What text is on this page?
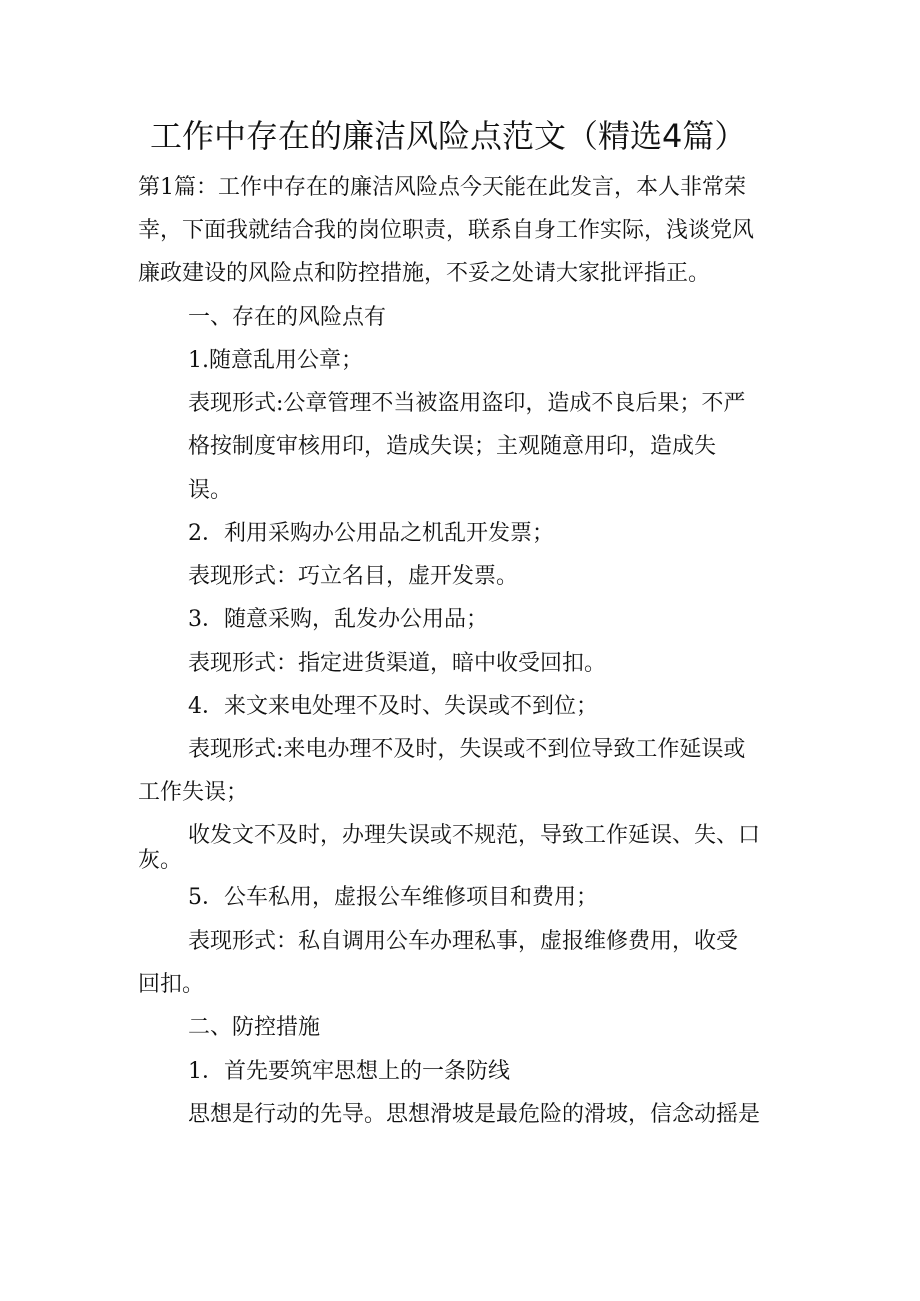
工作中存在的廉洁风险点范文（精选4篇）
第1篇：工作中存在的廉洁风险点今天能在此发言，本人非常荣
幸，下面我就结合我的岗位职责，联系自身工作实际，浅谈党风
廉政建设的风险点和防控措施，不妥之处请大家批评指正。
一、存在的风险点有
1.随意乱用公章；
表现形式:公章管理不当被盗用盗印，造成不良后果；不严
格按制度审核用印，造成失误；主观随意用印，造成失
误。
2．利用采购办公用品之机乱开发票；
表现形式：巧立名目，虚开发票。
3．随意采购，乱发办公用品；
表现形式：指定进货渠道，暗中收受回扣。
4．来文来电处理不及时、失误或不到位；
表现形式:来电办理不及时，失误或不到位导致工作延误或
工作失误；
收发文不及时，办理失误或不规范，导致工作延误、失、口
灰。
5．公车私用，虚报公车维修项目和费用；
表现形式：私自调用公车办理私事，虚报维修费用，收受
回扣。
二、防控措施
1．首先要筑牢思想上的一条防线
思想是行动的先导。思想滑坡是最危险的滑坡，信念动摇是
